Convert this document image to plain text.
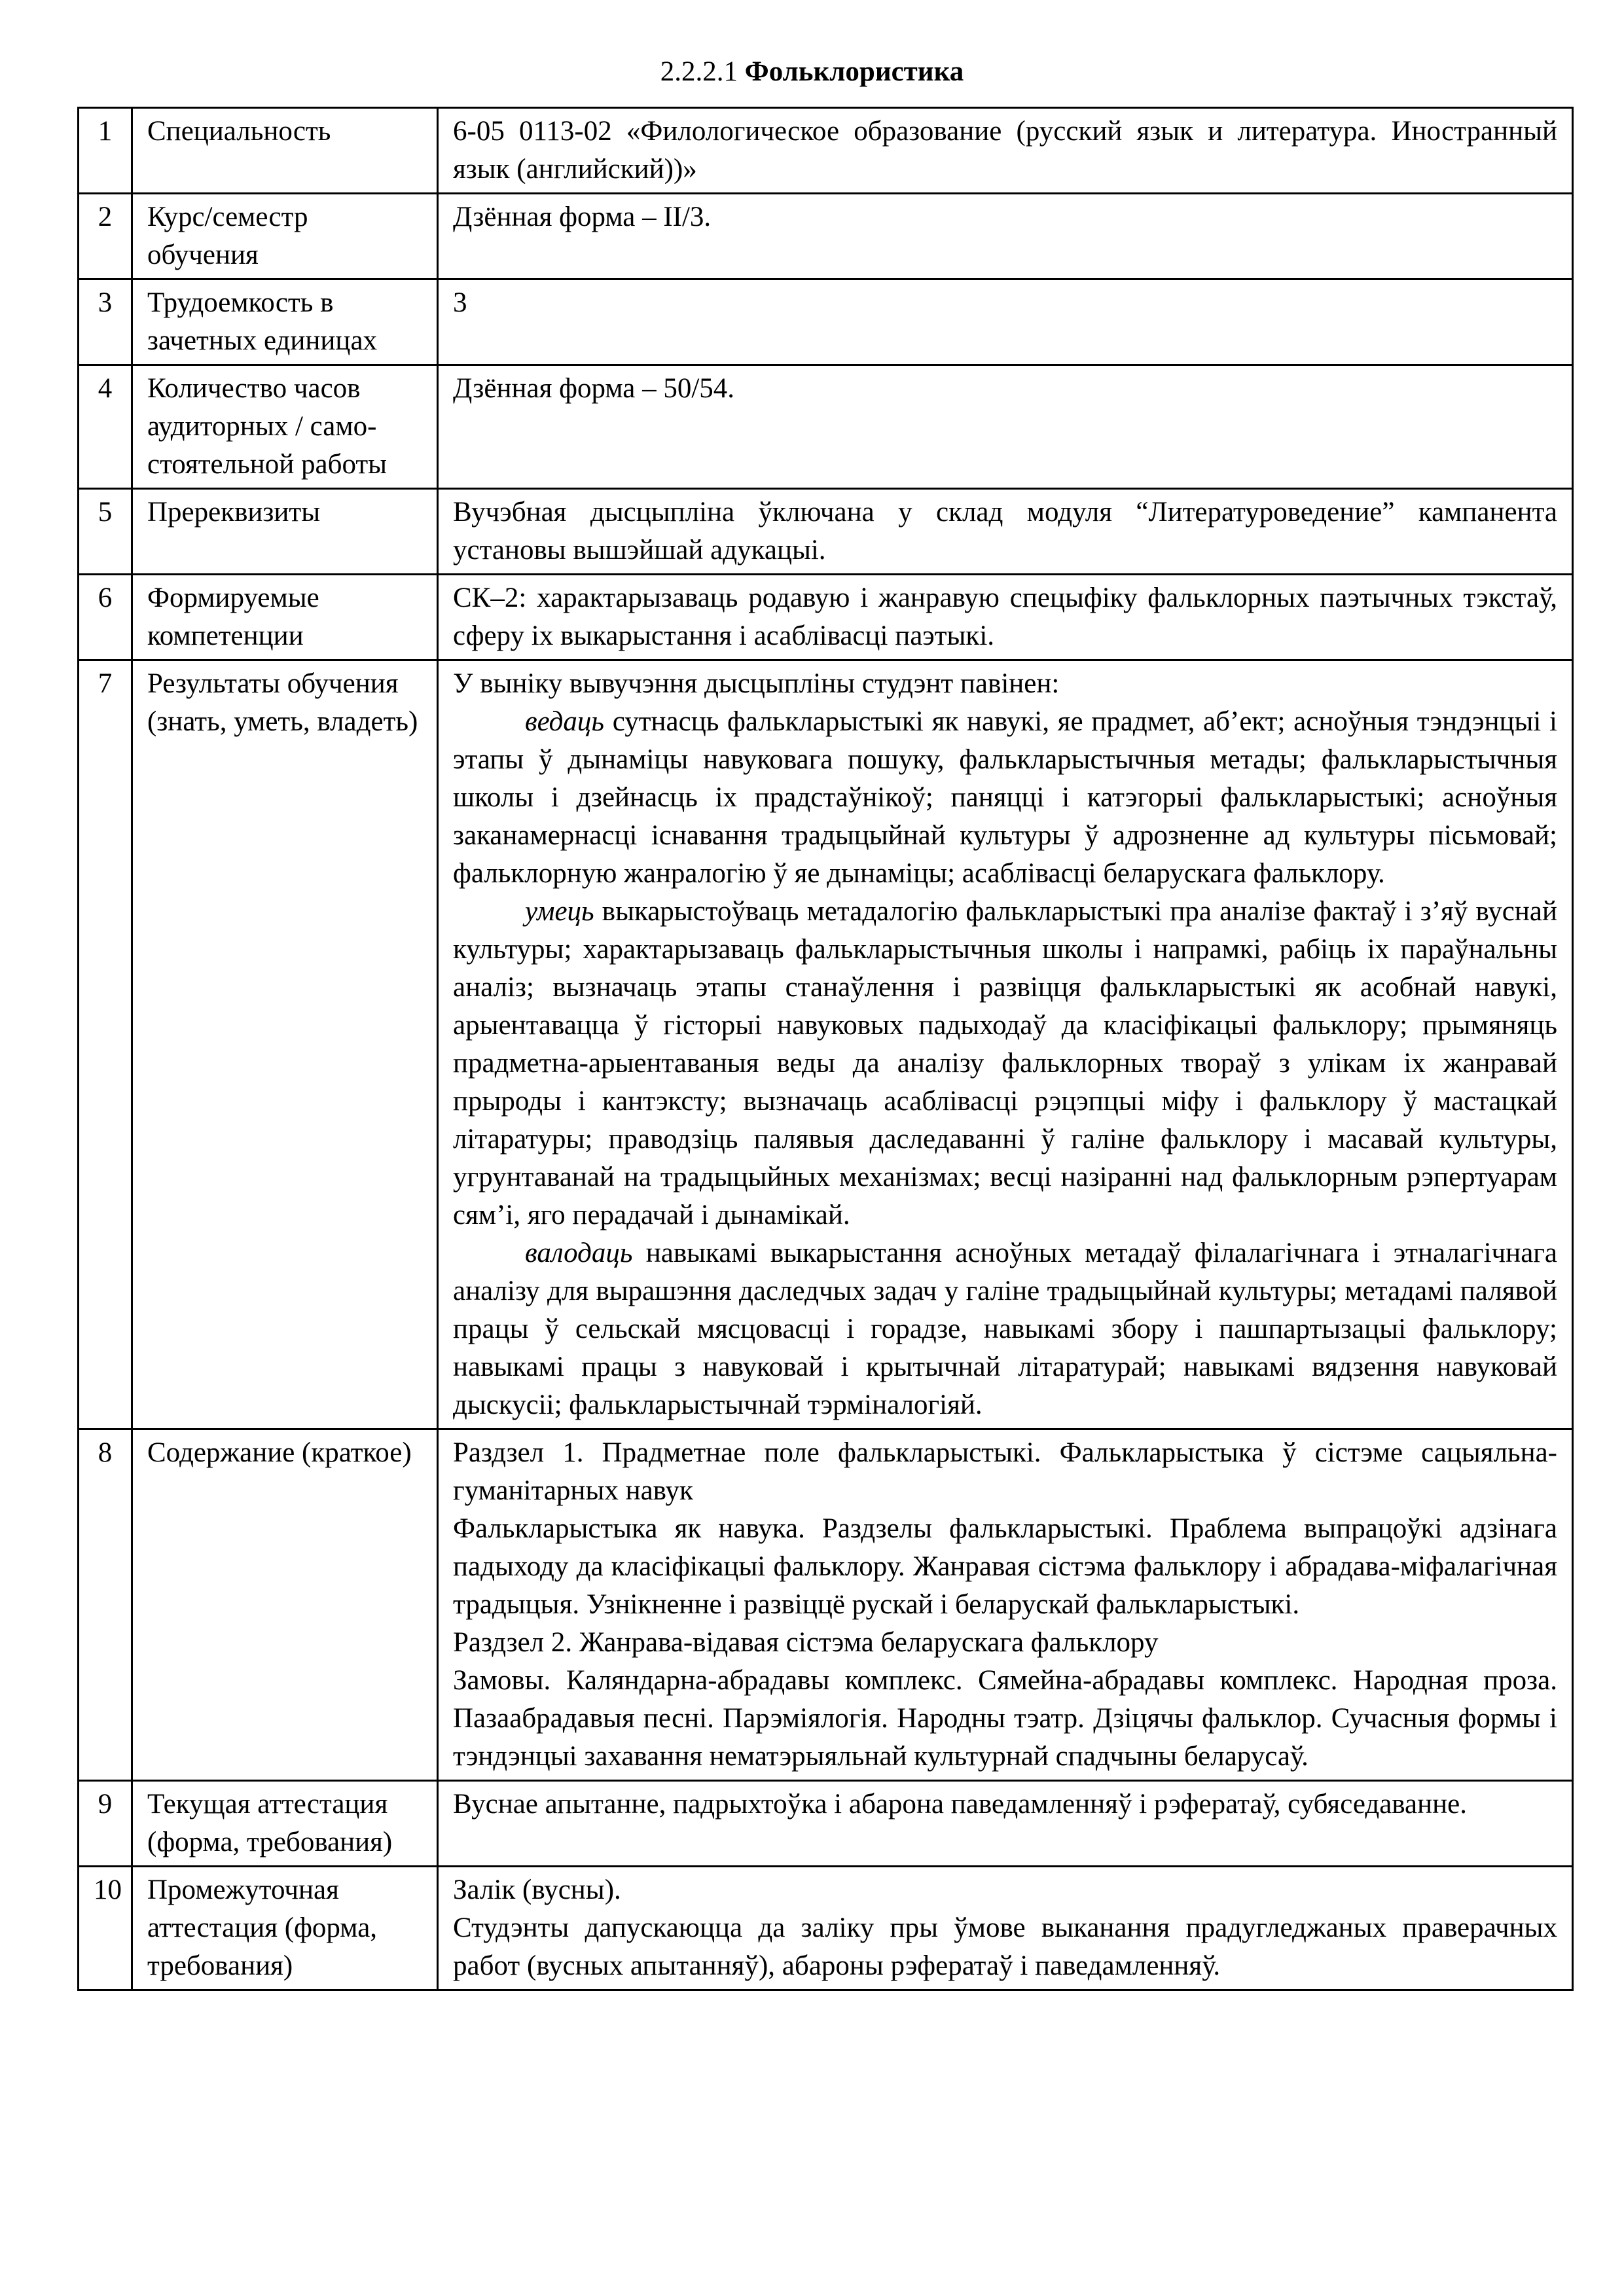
2.2.2.1 Фольклористика
1	Специальность	6-05 0113-02 «Филологическое образование (русский язык и литература. Иностранный язык (английский))»
2	Курс/семестр обучения	Дзённая форма – II/3.
3	Трудоемкость в зачетных единицах	3
4	Количество часов аудиторных / само-стоятельной работы	Дзённая форма – 50/54.
5	Пререквизиты	Вучэбная дысцыпліна ўключана у склад модуля “Литературоведение” кампанента установы вышэйшай адукацыі.
6	Формируемые компетенции	СК–2: характарызаваць родавую і жанравую спецыфіку фальклорных паэтычных тэкстаў, сферу іх выкарыстання і асаблівасці паэтыкі.
7	Результаты обучения (знать, уметь, владеть)	У выніку вывучэння дысцыпліны студэнт павінен:
ведаць сутнасць фалькларыстыкі як навукі, яе прадмет, аб’ект; асноўныя тэндэнцыі і этапы ў дынаміцы навуковага пошуку, фалькларыстычныя метады; фалькларыстычныя школы і дзейнасць іх прадстаўнікоў; паняцці і катэгорыі фалькларыстыкі; асноўныя заканамернасці існавання традыцыйнай культуры ў адрозненне ад культуры пісьмовай; фальклорную жанралогію ў яе дынаміцы; асаблівасці беларускага фальклору.
умець выкарыстоўваць метадалогію фалькларыстыкі пра аналізе фактаў і з’яў вуснай культуры; характарызаваць фалькларыстычныя школы і напрамкі, рабіць іх параўнальны аналіз; вызначаць этапы станаўлення і развіцця фалькларыстыкі як асобнай навукі, арыентавацца ў гісторыі навуковых падыходаў да класіфікацыі фальклору; прымяняць прадметна-арыентаваныя веды да аналізу фальклорных твораў з улікам іх жанравай прыроды і кантэксту; вызначаць асаблівасці рэцэпцыі міфу і фальклору ў мастацкай літаратуры; праводзіць палявыя даследаванні ў галіне фальклору і масавай культуры, угрунтаванай на традыцыйных механізмах; весці назіранні над фальклорным рэпертуарам сям’і, яго перадачай і дынамікай.
валодаць навыкамі выкарыстання асноўных метадаў філалагічнага і этналагічнага аналізу для вырашэння даследчых задач у галіне традыцыйнай культуры; метадамі палявой працы ў сельскай мясцовасці і горадзе, навыкамі збору і пашпартызацыі фальклору; навыкамі працы з навуковай і крытычнай літаратурай; навыкамі вядзення навуковай дыскусіі; фалькларыстычнай тэрміналогіяй.

8	Содержание (краткое)	Раздзел 1. Прадметнае поле фалькларыстыкі. Фалькларыстыка ў сістэме сацыяльна-гуманітарных навук
Фалькларыстыка як навука. Раздзелы фалькларыстыкі. Праблема выпрацоўкі адзінага падыходу да класіфікацыі фальклору. Жанравая сістэма фальклору і абрадава-міфалагічная традыцыя. Узнікненне і развіццё рускай і беларускай фалькларыстыкі.
Раздзел 2. Жанрава-відавая сістэма беларускага фальклору
Замовы. Каляндарна-абрадавы комплекс. Сямейна-абрадавы комплекс. Народная проза. Пазаабрадавыя песні. Парэміялогія. Народны тэатр. Дзіцячы фальклор. Сучасныя формы і тэндэнцыі захавання нематэрыяльнай культурнай спадчыны беларусаў.

9	Текущая аттестация (форма, требования)	Вуснае апытанне, падрыхтоўка і абарона паведамленняў і рэфератаў, субяседаванне.
10	Промежуточная аттестация (форма, требования)	Залік (вусны).
Студэнты дапускаюцца да заліку пры ўмове выканання прадугледжаных праверачных работ (вусных апытанняў), абароны рэфератаў і паведамленняў.
